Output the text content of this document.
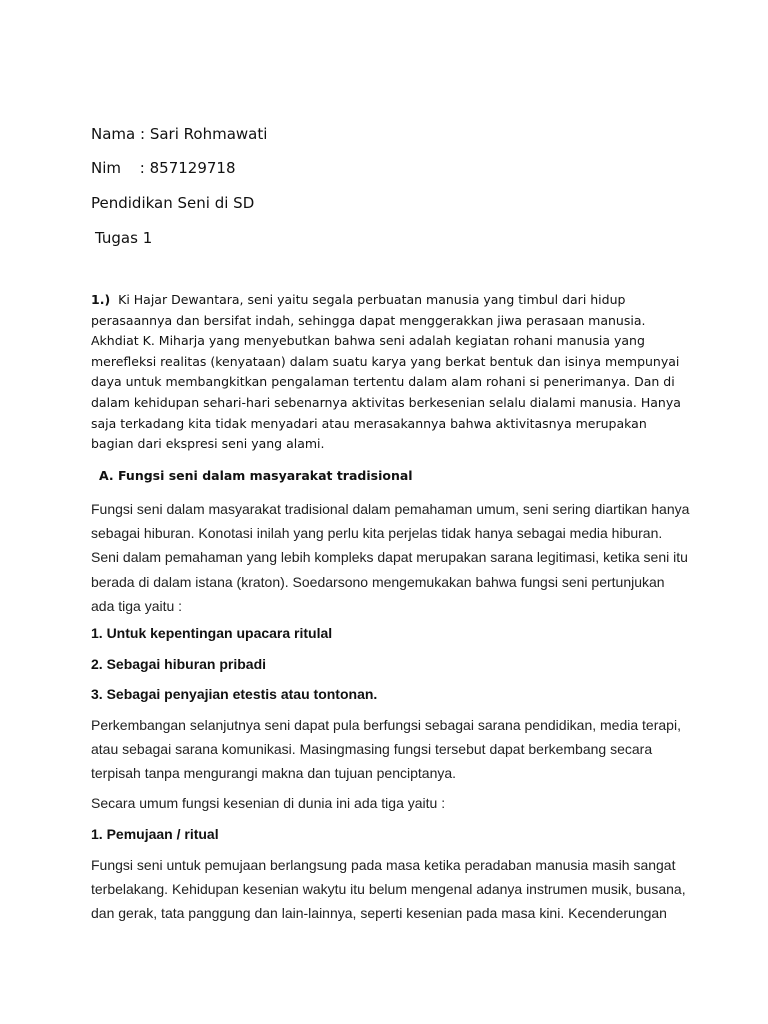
Nama : Sari Rohmawati
Nim : 857129718
Pendidikan Seni di SD
Tugas 1
1.) Ki Hajar Dewantara, seni yaitu segala perbuatan manusia yang timbul dari hidup perasaannya dan bersifat indah, sehingga dapat menggerakkan jiwa perasaan manusia. Akhdiat K. Miharja yang menyebutkan bahwa seni adalah kegiatan rohani manusia yang merefleksi realitas (kenyataan) dalam suatu karya yang berkat bentuk dan isinya mempunyai daya untuk membangkitkan pengalaman tertentu dalam alam rohani si penerimanya. Dan di dalam kehidupan sehari-hari sebenarnya aktivitas berkesenian selalu dialami manusia. Hanya saja terkadang kita tidak menyadari atau merasakannya bahwa aktivitasnya merupakan bagian dari ekspresi seni yang alami.
A. Fungsi seni dalam masyarakat tradisional
Fungsi seni dalam masyarakat tradisional dalam pemahaman umum, seni sering diartikan hanya sebagai hiburan. Konotasi inilah yang perlu kita perjelas tidak hanya sebagai media hiburan. Seni dalam pemahaman yang lebih kompleks dapat merupakan sarana legitimasi, ketika seni itu berada di dalam istana (kraton). Soedarsono mengemukakan bahwa fungsi seni pertunjukan ada tiga yaitu :
1. Untuk kepentingan upacara ritulal
2. Sebagai hiburan pribadi
3. Sebagai penyajian etestis atau tontonan.
Perkembangan selanjutnya seni dapat pula berfungsi sebagai sarana pendidikan, media terapi, atau sebagai sarana komunikasi. Masingmasing fungsi tersebut dapat berkembang secara terpisah tanpa mengurangi makna dan tujuan penciptanya.
Secara umum fungsi kesenian di dunia ini ada tiga yaitu :
1. Pemujaan / ritual
Fungsi seni untuk pemujaan berlangsung pada masa ketika peradaban manusia masih sangat terbelakang. Kehidupan kesenian wakytu itu belum mengenal adanya instrumen musik, busana, dan gerak, tata panggung dan lain-lainnya, seperti kesenian pada masa kini. Kecenderungan
